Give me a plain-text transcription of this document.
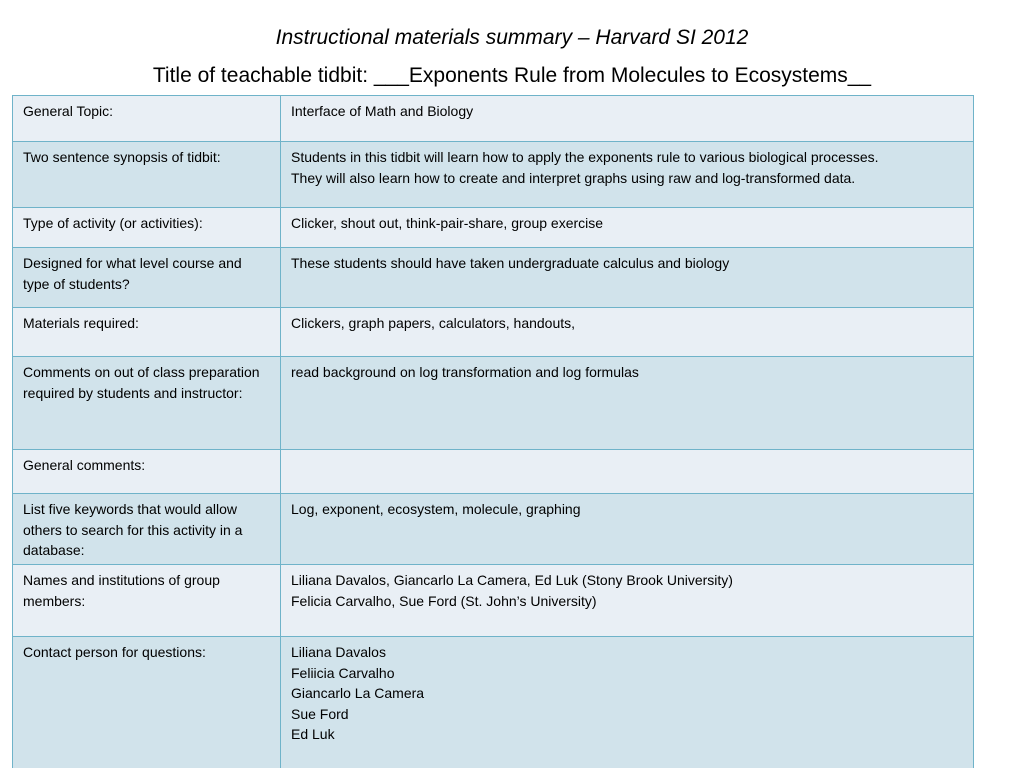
Instructional materials summary – Harvard SI 2012
Title of teachable tidbit: ___Exponents Rule from Molecules to Ecosystems__
General Topic:	Interface of Math and Biology

Two sentence synopsis of tidbit:	Students in this tidbit will learn how to apply the exponents rule to various biological processes.
They will also learn how to create and interpret graphs using raw and log-transformed data.

Type of activity (or activities):	Clicker, shout out, think-pair-share, group exercise

Designed for what level course and type of students?	These students should have taken undergraduate calculus and biology

Materials required:	Clickers, graph papers, calculators, handouts,

Comments on out of class preparation required by students and instructor:	read background on log transformation and log formulas

General comments:	
List five keywords that would allow others to search for this activity in a database:	Log, exponent, ecosystem, molecule, graphing

Names and institutions of group members:	Liliana Davalos, Giancarlo La Camera, Ed Luk (Stony Brook University)
Felicia Carvalho, Sue Ford (St. John’s University)

Contact person for questions:	Liliana Davalos
Feliicia Carvalho
Giancarlo La Camera
Sue Ford
Ed Luk
